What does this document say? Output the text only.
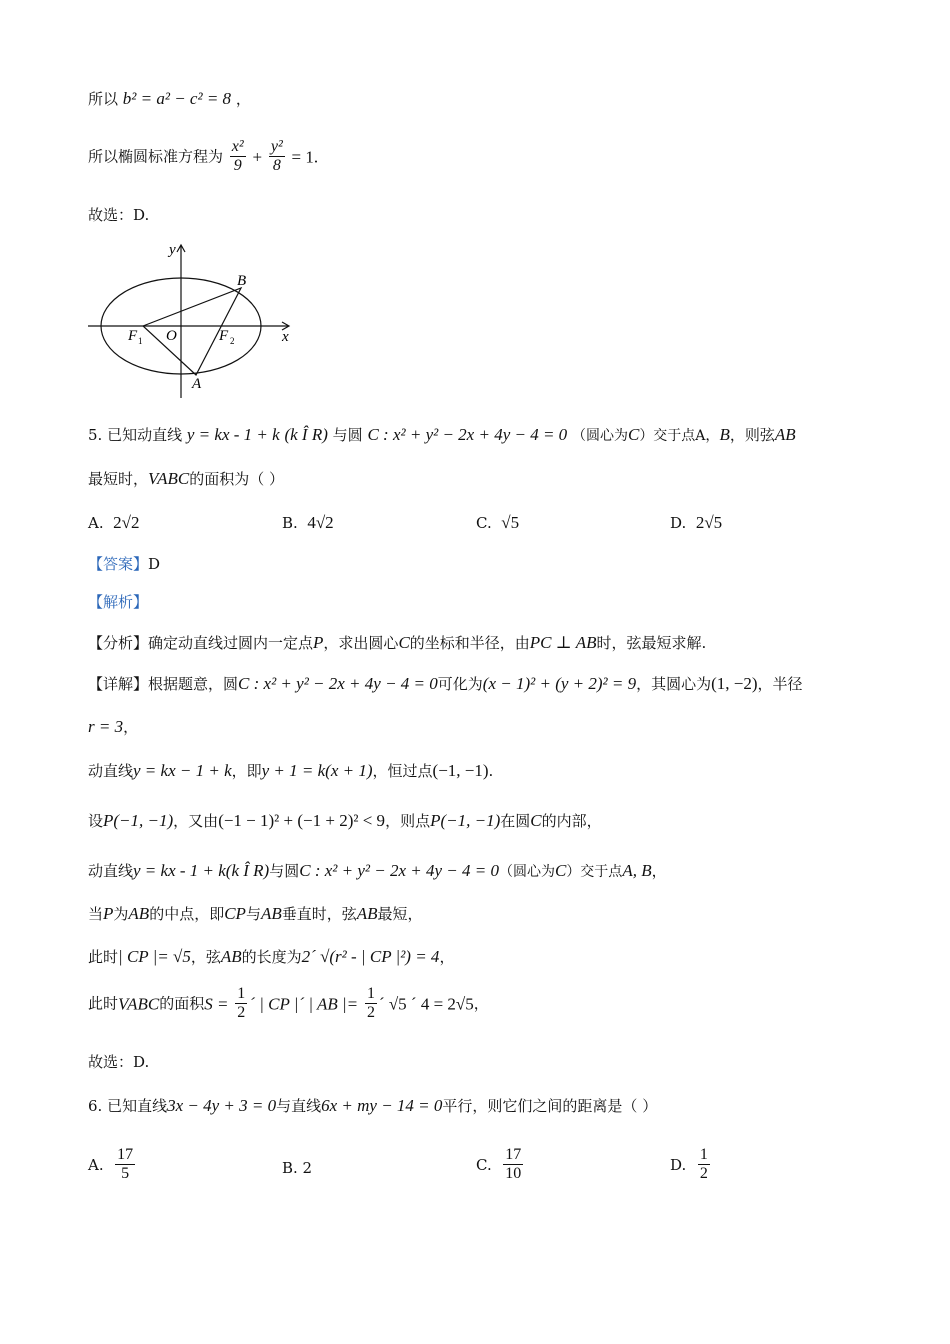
所以 b² = a² − c² = 8 ，
所以椭圆标准方程为 $\frac{\text{x²}}{9} + \frac{\text{y²}}{8} = 1$.
故选：D.
y
x
B
A
F 1 O	F 2
5. 已知动直线 y = kx - 1 + k (k Î R) 与圆 C : x² + y² − 2x + 4y − 4 = 0 （圆心为C）交于点A，B，则弦AB
最短时，VABC的面积为（ ）
A. 2√2	B. 4√2	C. √5	D. 2√5
【答案】D
【解析】
【分析】确定动直线过圆内一定点P，求出圆心C的坐标和半径，由PC ⊥ AB时，弦最短求解.
【详解】根据题意，圆C : x² + y² − 2x + 4y − 4 = 0可化为(x − 1)² + (y + 2)² = 9，其圆心为(1, −2)，半径
r = 3，
动直线y = kx − 1 + k，即y + 1 = k(x + 1)，恒过点(−1, −1).
设P(−1, −1)，又由(−1 − 1)² + (−1 + 2)² < 9，则点P(−1, −1)在圆C的内部，
动直线y = kx - 1 + k(k Î R)与圆C : x² + y² − 2x + 4y − 4 = 0（圆心为C）交于点A, B，
当P为AB的中点，即CP与AB垂直时，弦AB最短，
此时| CP |= √5，弦AB的长度为2´ √(r² - | CP |²) = 4，
此时VABC的面积$S = \frac{1}{2}$ ´ | CP |´ | AB |= $\frac{1}{2}$ ´ √5 ´ 4 = 2√5，
故选：D.
6. 已知直线3x − 4y + 3 = 0与直线6x + my − 14 = 0平行，则它们之间的距离是（ ）
A. $\frac{17}{5}$	B. 2	C. $\frac{17}{10}$	D. $\frac{1}{2}$
